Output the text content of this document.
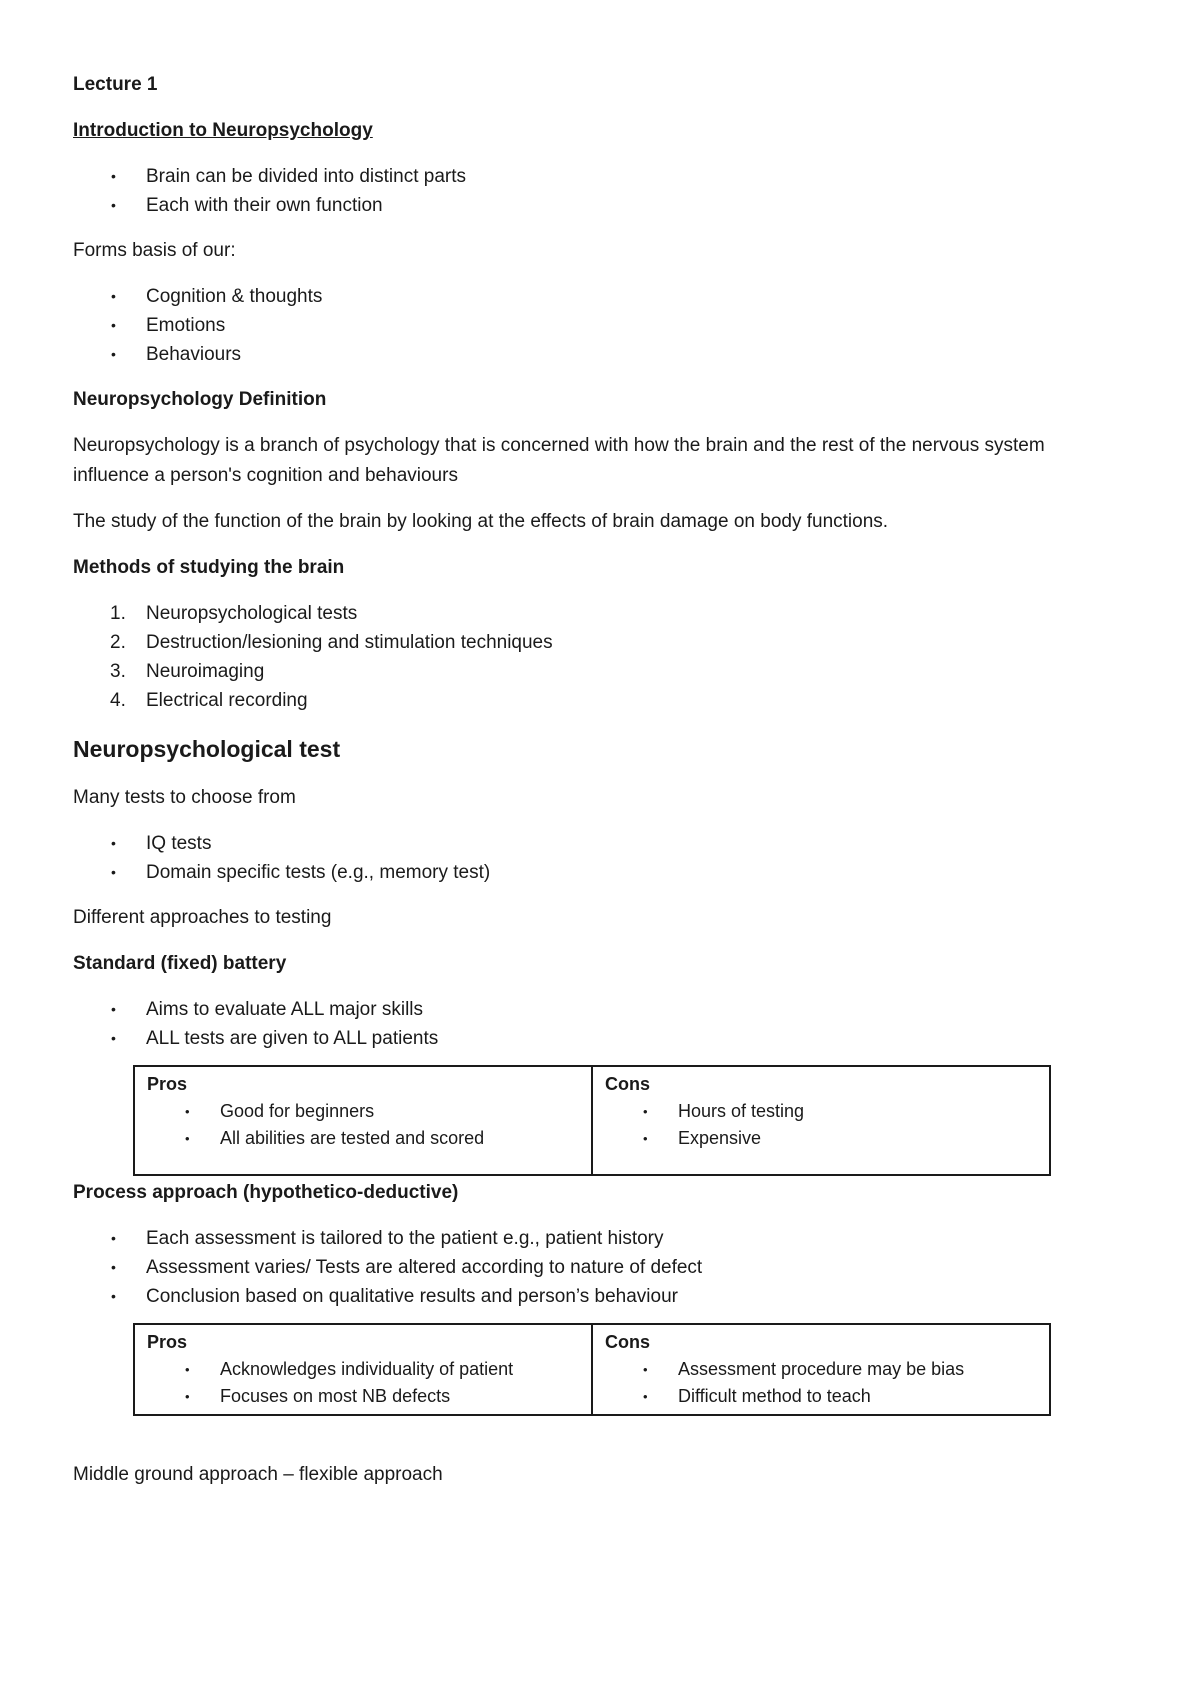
Lecture 1

Introduction to Neuropsychology

• Brain can be divided into distinct parts
• Each with their own function

Forms basis of our:

• Cognition & thoughts
• Emotions
• Behaviours

Neuropsychology Definition

Neuropsychology is a branch of psychology that is concerned with how the brain and the rest of the nervous system

influence a person's cognition and behaviours

The study of the function of the brain by looking at the effects of brain damage on body functions.

Methods of studying the brain

1. Neuropsychological tests
2. Destruction/lesioning and stimulation techniques
3. Neuroimaging
4. Electrical recording

Neuropsychological test

Many tests to choose from

• IQ tests
• Domain specific tests (e.g., memory test)

Different approaches to testing

Standard (fixed) battery

• Aims to evaluate ALL major skills
• ALL tests are given to ALL patients
Pros
• Good for beginners
• All abilities are tested and scored

Cons
• Hours of testing
• Expensive

Process approach (hypothetico-deductive)

• Each assessment is tailored to the patient e.g., patient history
• Assessment varies/ Tests are altered according to nature of defect
• Conclusion based on qualitative results and person’s behaviour
Pros
• Acknowledges individuality of patient
• Focuses on most NB defects

Cons
• Assessment procedure may be bias
• Difficult method to teach

Middle ground approach – flexible approach
